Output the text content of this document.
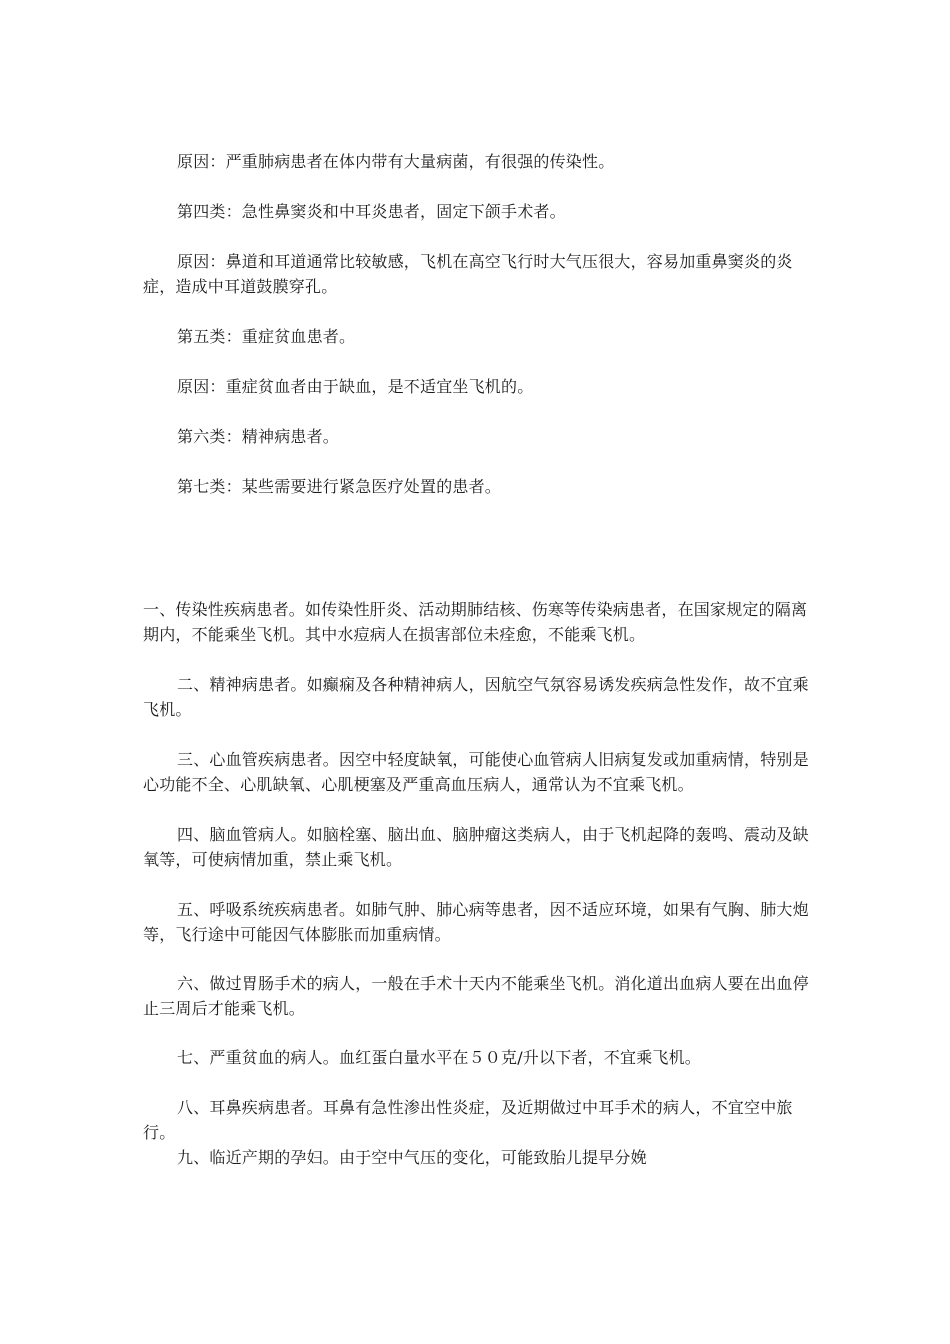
原因：严重肺病患者在体内带有大量病菌，有很强的传染性。

第四类：急性鼻窦炎和中耳炎患者，固定下颌手术者。

原因：鼻道和耳道通常比较敏感，飞机在高空飞行时大气压很大，容易加重鼻窦炎的炎症，造成中耳道鼓膜穿孔。

第五类：重症贫血患者。

原因：重症贫血者由于缺血，是不适宜坐飞机的。

第六类：精神病患者。

第七类：某些需要进行紧急医疗处置的患者。

一、传染性疾病患者。如传染性肝炎、活动期肺结核、伤寒等传染病患者，在国家规定的隔离期内，不能乘坐飞机。其中水痘病人在损害部位未痊愈，不能乘飞机。

二、精神病患者。如癫痫及各种精神病人，因航空气氛容易诱发疾病急性发作，故不宜乘飞机。

三、心血管疾病患者。因空中轻度缺氧，可能使心血管病人旧病复发或加重病情，特别是心功能不全、心肌缺氧、心肌梗塞及严重高血压病人，通常认为不宜乘飞机。

四、脑血管病人。如脑栓塞、脑出血、脑肿瘤这类病人，由于飞机起降的轰鸣、震动及缺氧等，可使病情加重，禁止乘飞机。

五、呼吸系统疾病患者。如肺气肿、肺心病等患者，因不适应环境，如果有气胸、肺大炮等，飞行途中可能因气体膨胀而加重病情。

六、做过胃肠手术的病人，一般在手术十天内不能乘坐飞机。消化道出血病人要在出血停止三周后才能乘飞机。

七、严重贫血的病人。血红蛋白量水平在５０克/升以下者，不宜乘飞机。

八、耳鼻疾病患者。耳鼻有急性渗出性炎症，及近期做过中耳手术的病人，不宜空中旅行。

九、临近产期的孕妇。由于空中气压的变化，可能致胎儿提早分娩
